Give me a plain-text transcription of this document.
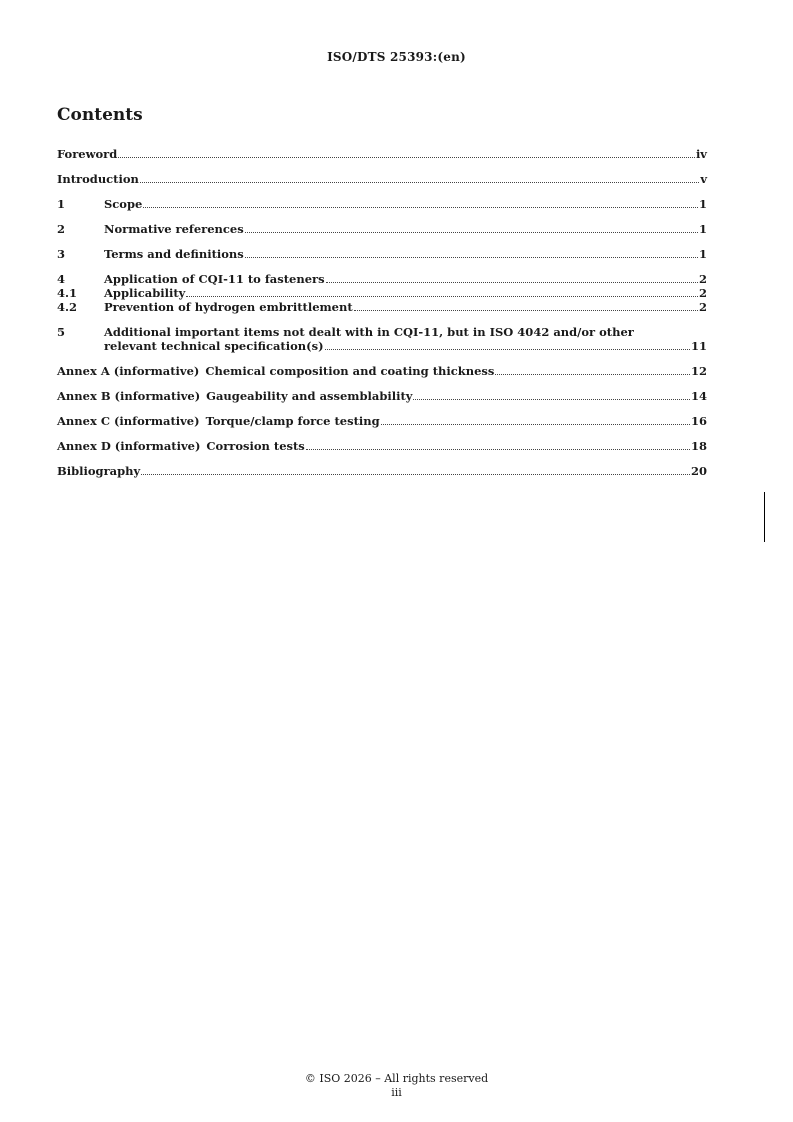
ISO/DTS 25393:(en)
Contents
Foreword	iv
Introduction	v
1	Scope	1
2	Normative references	1
3	Terms and definitions	1
4	Application of CQI-11 to fasteners	2
4.1	Applicability	2
4.2	Prevention of hydrogen embrittlement	2
5	Additional important items not dealt with in CQI-11, but in ISO 4042 and/or other
relevant technical specification(s)	11
Annex A (informative) Chemical composition and coating thickness	12
Annex B (informative) Gaugeability and assemblability	14
Annex C (informative) Torque/clamp force testing	16
Annex D (informative) Corrosion tests	18
Bibliography	20
© ISO 2026 – All rights reserved
iii
